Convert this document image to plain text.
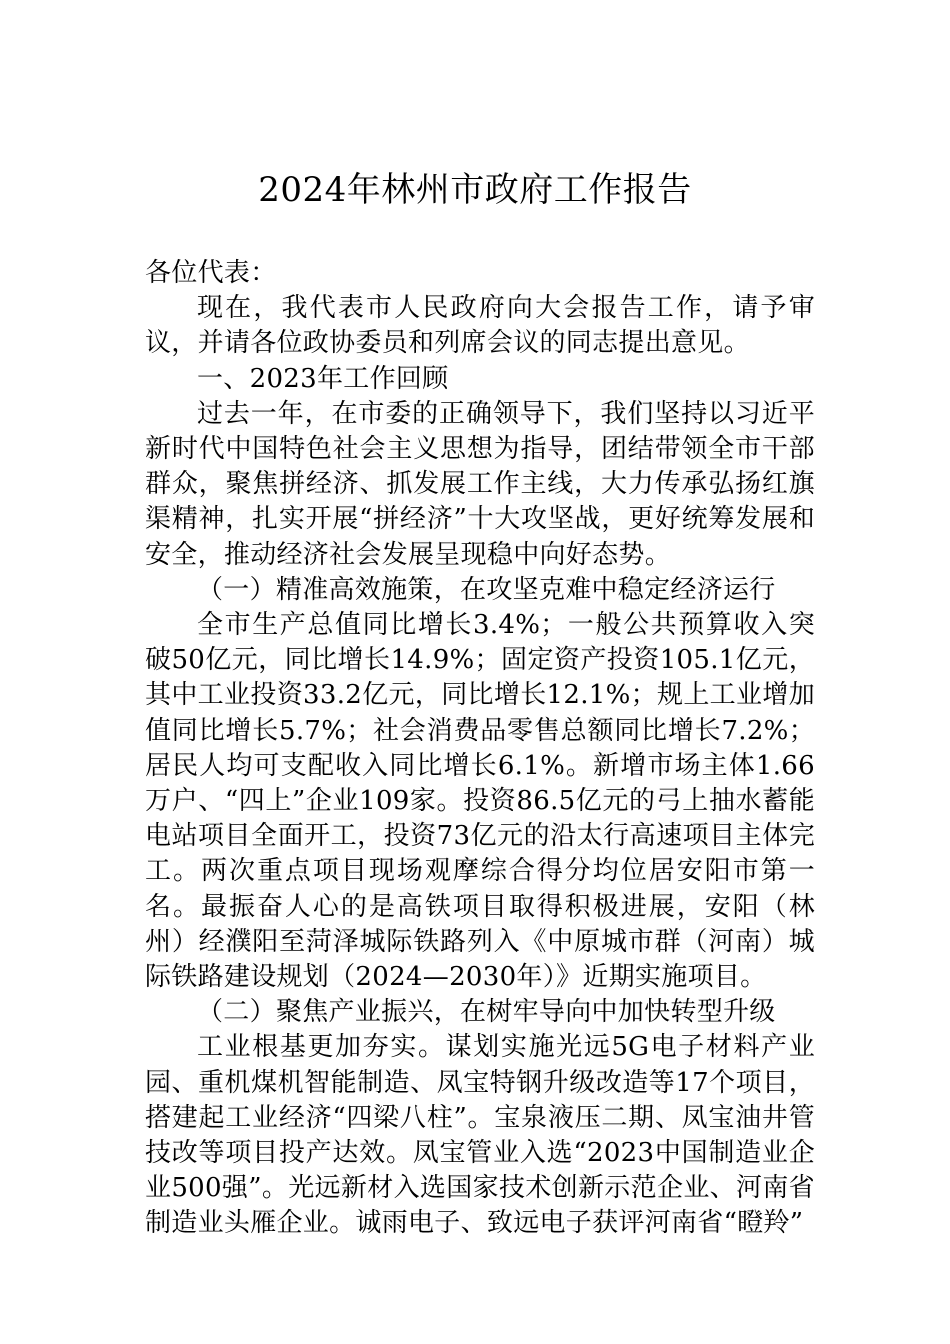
2024年林州市政府工作报告

各位代表：

现在，我代表市人民政府向大会报告工作，请予审议，并请各位政协委员和列席会议的同志提出意见。

一、2023年工作回顾

过去一年，在市委的正确领导下，我们坚持以习近平新时代中国特色社会主义思想为指导，团结带领全市干部群众，聚焦拼经济、抓发展工作主线，大力传承弘扬红旗渠精神，扎实开展“拼经济”十大攻坚战，更好统筹发展和安全，推动经济社会发展呈现稳中向好态势。

（一）精准高效施策，在攻坚克难中稳定经济运行

全市生产总值同比增长3.4%；一般公共预算收入突破50亿元，同比增长14.9%；固定资产投资105.1亿元，其中工业投资33.2亿元，同比增长12.1%；规上工业增加值同比增长5.7%；社会消费品零售总额同比增长7.2%；居民人均可支配收入同比增长6.1%。新增市场主体1.66万户、“四上”企业109家。投资86.5亿元的弓上抽水蓄能电站项目全面开工，投资73亿元的沿太行高速项目主体完工。两次重点项目现场观摩综合得分均位居安阳市第一名。最振奋人心的是高铁项目取得积极进展，安阳（林州）经濮阳至菏泽城际铁路列入《中原城市群（河南）城际铁路建设规划（2024—2030年）》近期实施项目。

（二）聚焦产业振兴，在树牢导向中加快转型升级

工业根基更加夯实。谋划实施光远5G电子材料产业园、重机煤机智能制造、凤宝特钢升级改造等17个项目，搭建起工业经济“四梁八柱”。宝泉液压二期、凤宝油井管技改等项目投产达效。凤宝管业入选“2023中国制造业企业500强”。光远新材入选国家技术创新示范企业、河南省制造业头雁企业。诚雨电子、致远电子获评河南省“瞪羚”
